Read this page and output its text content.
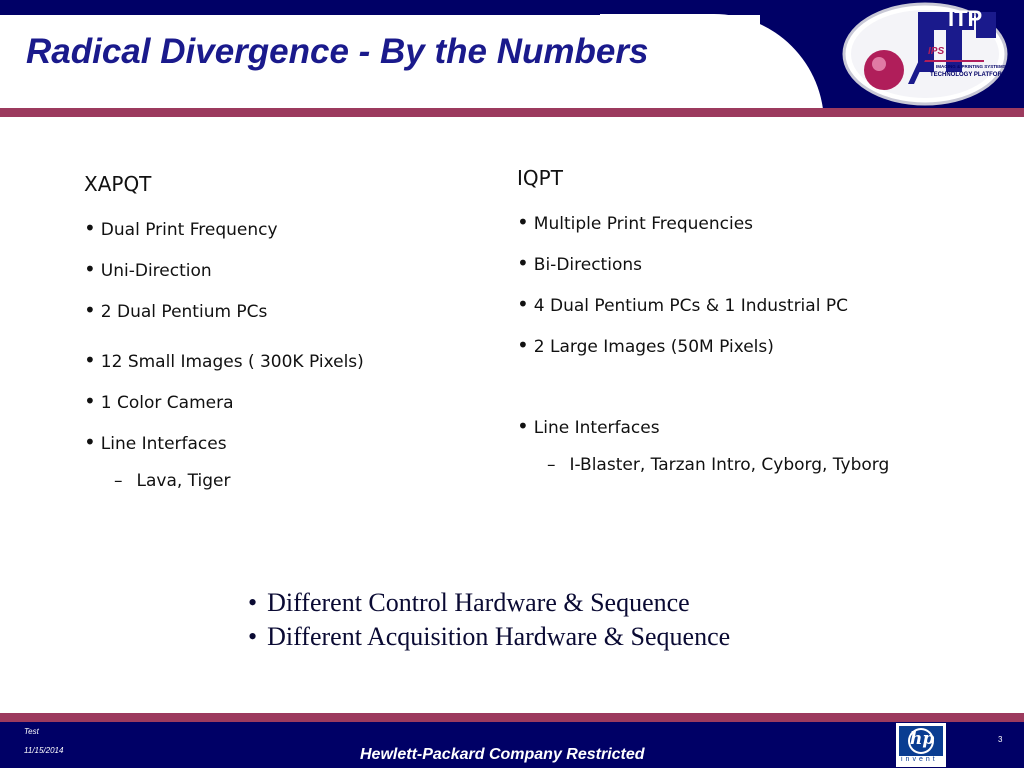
Radical Divergence - By the Numbers
ITP
IPS
IMAGING & PRINTING SYSTEMS
TECHNOLOGY PLATFORMS
XAPQT
• Dual Print Frequency
• Uni-Direction
• 2 Dual Pentium PCs
• 12 Small Images ( 300K Pixels)
• 1 Color Camera
• Line Interfaces
– Lava, Tiger
IQPT
• Multiple Print Frequencies
• Bi-Directions
• 4 Dual Pentium PCs & 1 Industrial PC
• 2 Large Images (50M Pixels)
• Line Interfaces
– I-Blaster, Tarzan Intro, Cyborg, Tyborg
• Different Control Hardware & Sequence
• Different Acquisition Hardware & Sequence
Test
11/15/2014	Hewlett-Packard Company Restricted
3
hp
invent
